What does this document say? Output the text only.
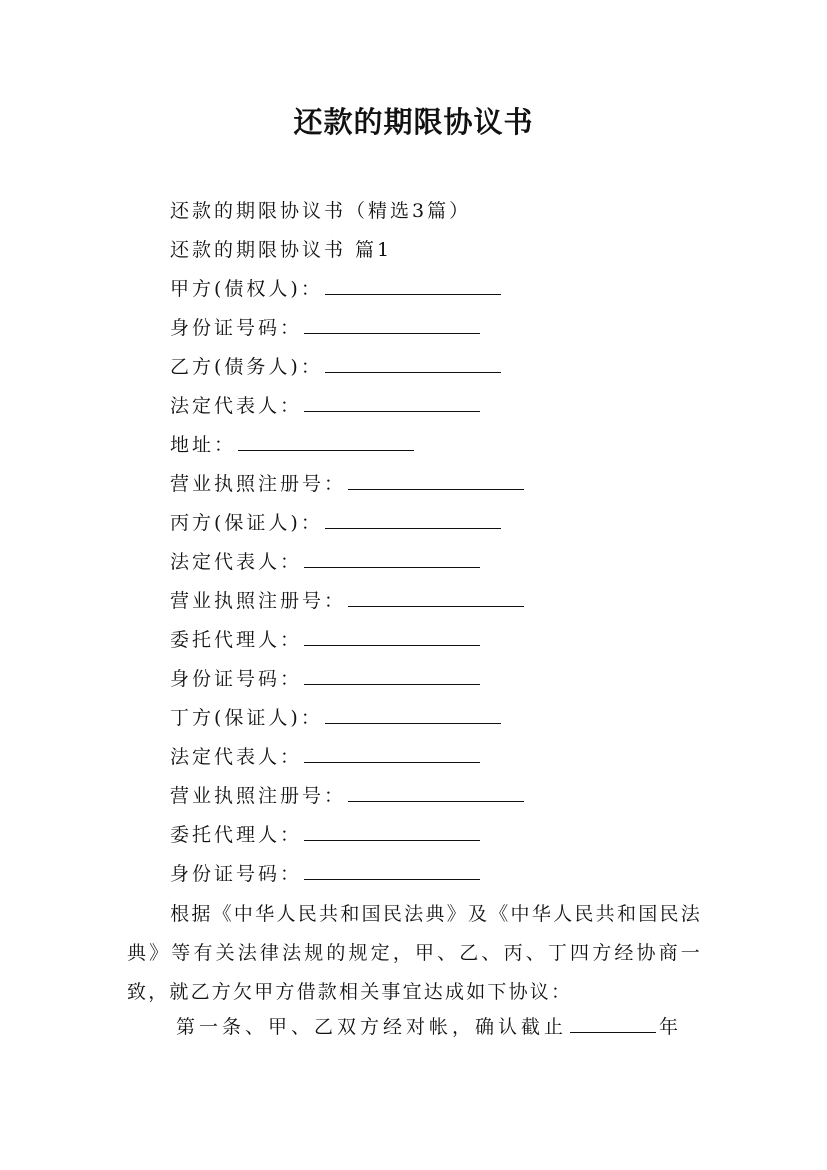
还款的期限协议书
还款的期限协议书（精选3篇）
还款的期限协议书 篇1
甲方(债权人)：
身份证号码：
乙方(债务人)：
法定代表人：
地址：
营业执照注册号：
丙方(保证人)：
法定代表人：
营业执照注册号：
委托代理人：
身份证号码：
丁方(保证人)：
法定代表人：
营业执照注册号：
委托代理人：
身份证号码：
根据《中华人民共和国民法典》及《中华人民共和国民法典》等有关法律法规的规定，甲、乙、丙、丁四方经协商一致，就乙方欠甲方借款相关事宜达成如下协议：
第一条、甲、乙双方经对帐，确认截止	年
